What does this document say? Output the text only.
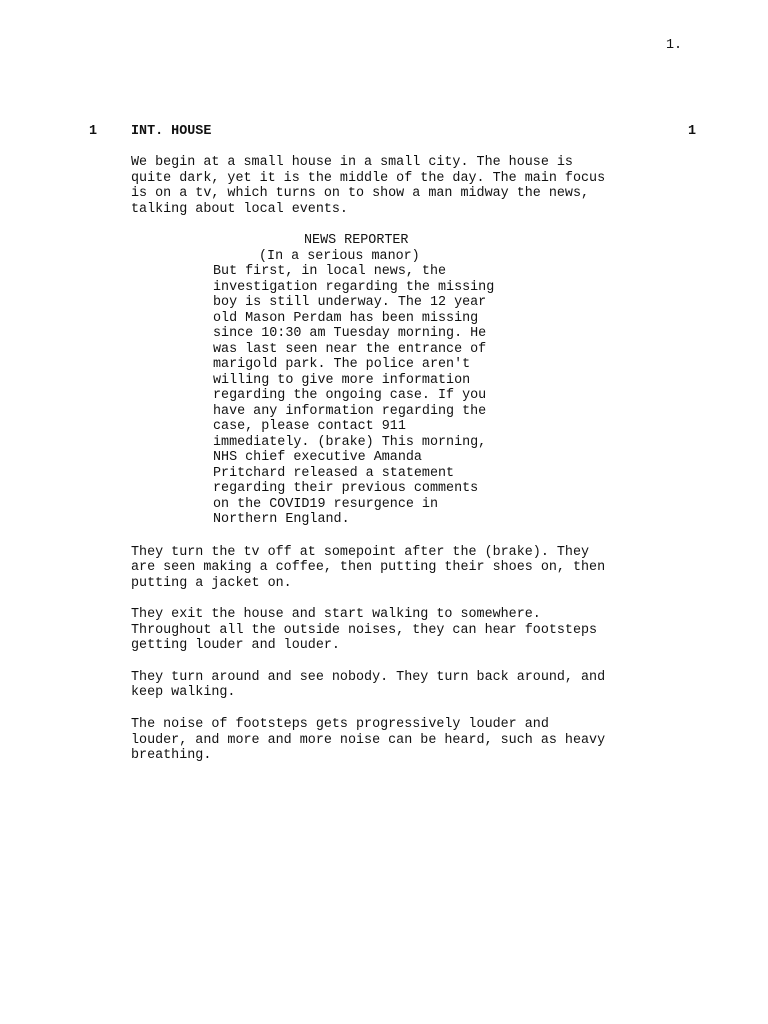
1.
1	INT. HOUSE	1
We begin at a small house in a small city. The house is
quite dark, yet it is the middle of the day. The main focus
is on a tv, which turns on to show a man midway the news,
talking about local events.
NEWS REPORTER
(In a serious manor)
But first, in local news, the
investigation regarding the missing
boy is still underway. The 12 year
old Mason Perdam has been missing
since 10:30 am Tuesday morning. He
was last seen near the entrance of
marigold park. The police aren't
willing to give more information
regarding the ongoing case. If you
have any information regarding the
case, please contact 911
immediately. (brake) This morning,
NHS chief executive Amanda
Pritchard released a statement
regarding their previous comments
on the COVID19 resurgence in
Northern England.
They turn the tv off at somepoint after the (brake). They
are seen making a coffee, then putting their shoes on, then
putting a jacket on.
They exit the house and start walking to somewhere.
Throughout all the outside noises, they can hear footsteps
getting louder and louder.
They turn around and see nobody. They turn back around, and
keep walking.
The noise of footsteps gets progressively louder and
louder, and more and more noise can be heard, such as heavy
breathing.
